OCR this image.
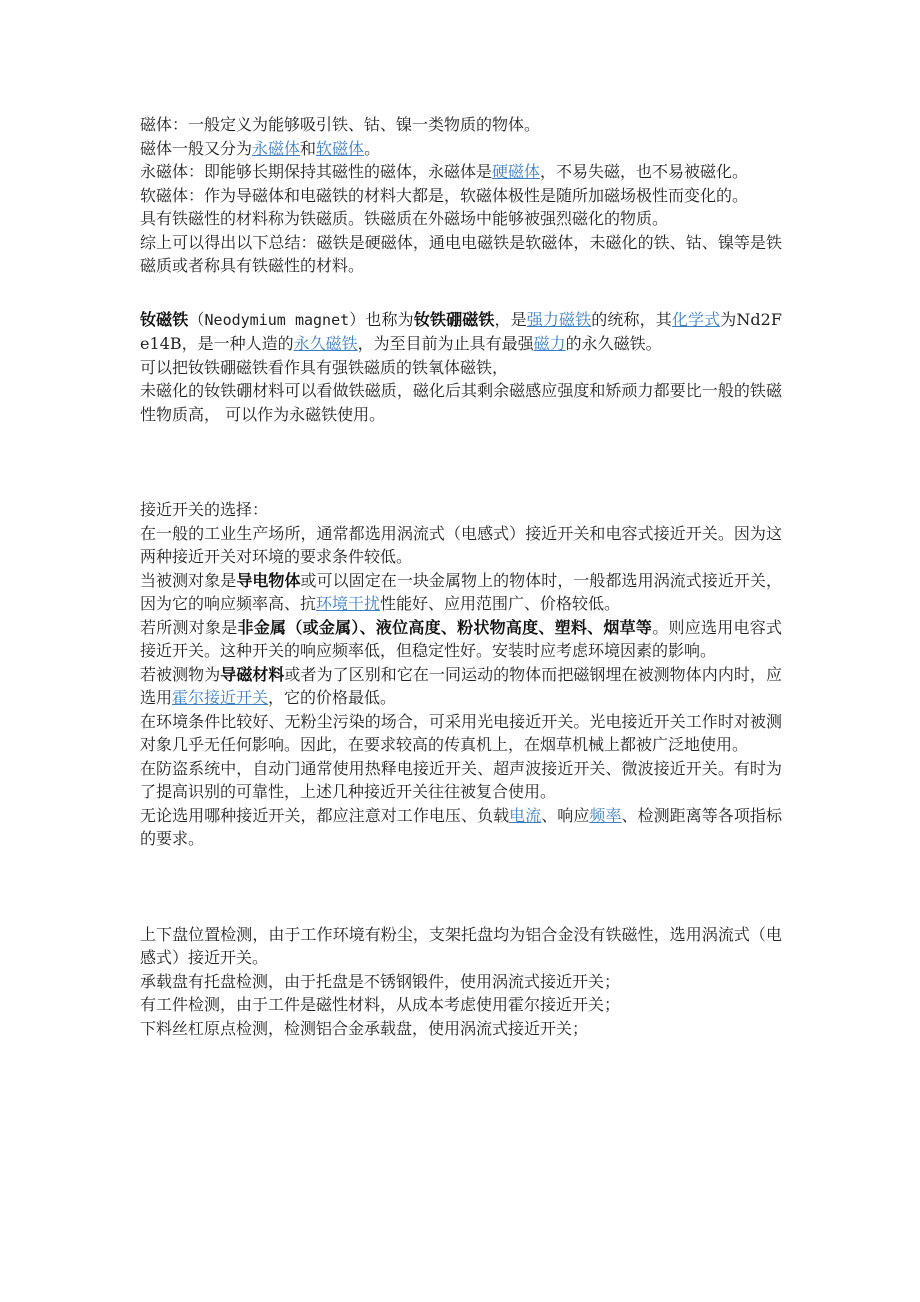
磁体：一般定义为能够吸引铁、钴、镍一类物质的物体。

磁体一般又分为永磁体和软磁体。

永磁体：即能够长期保持其磁性的磁体，永磁体是硬磁体，不易失磁，也不易被磁化。

软磁体：作为导磁体和电磁铁的材料大都是，软磁体极性是随所加磁场极性而变化的。

具有铁磁性的材料称为铁磁质。铁磁质在外磁场中能够被强烈磁化的物质。

综上可以得出以下总结：磁铁是硬磁体，通电电磁铁是软磁体，未磁化的铁、钴、镍等是铁磁质或者称具有铁磁性的材料。

钕磁铁（Neodymium magnet）也称为钕铁硼磁铁，是强力磁铁的统称，其化学式为Nd2Fe14B，是一种人造的永久磁铁，为至目前为止具有最强磁力的永久磁铁。

可以把钕铁硼磁铁看作具有强铁磁质的铁氧体磁铁，

未磁化的钕铁硼材料可以看做铁磁质，磁化后其剩余磁感应强度和矫顽力都要比一般的铁磁性物质高， 可以作为永磁铁使用。

接近开关的选择：

在一般的工业生产场所，通常都选用涡流式（电感式）接近开关和电容式接近开关。因为这两种接近开关对环境的要求条件较低。

当被测对象是导电物体或可以固定在一块金属物上的物体时，一般都选用涡流式接近开关，因为它的响应频率高、抗环境干扰性能好、应用范围广、价格较低。

若所测对象是非金属（或金属）、液位高度、粉状物高度、塑料、烟草等。则应选用电容式接近开关。这种开关的响应频率低，但稳定性好。安装时应考虑环境因素的影响。

若被测物为导磁材料或者为了区别和它在一同运动的物体而把磁钢埋在被测物体内内时，应选用霍尔接近开关，它的价格最低。

在环境条件比较好、无粉尘污染的场合，可采用光电接近开关。光电接近开关工作时对被测对象几乎无任何影响。因此，在要求较高的传真机上，在烟草机械上都被广泛地使用。

在防盗系统中，自动门通常使用热释电接近开关、超声波接近开关、微波接近开关。有时为了提高识别的可靠性，上述几种接近开关往往被复合使用。

无论选用哪种接近开关，都应注意对工作电压、负载电流、响应频率、检测距离等各项指标的要求。

上下盘位置检测，由于工作环境有粉尘，支架托盘均为铝合金没有铁磁性，选用涡流式（电感式）接近开关。

承载盘有托盘检测，由于托盘是不锈钢锻件，使用涡流式接近开关；

有工件检测，由于工件是磁性材料，从成本考虑使用霍尔接近开关；

下料丝杠原点检测，检测铝合金承载盘，使用涡流式接近开关；
